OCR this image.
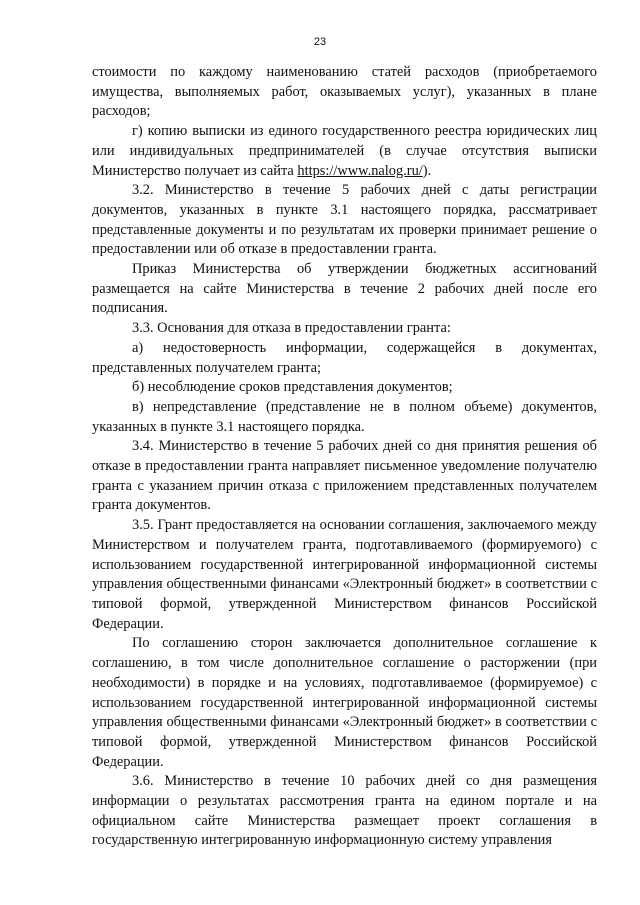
23

стоимости по каждому наименованию статей расходов (приобретаемого имущества, выполняемых работ, оказываемых услуг), указанных в плане расходов;

г) копию выписки из единого государственного реестра юридических лиц или индивидуальных предпринимателей (в случае отсутствия выписки Министерство получает из сайта https://www.nalog.ru/).

3.2. Министерство в течение 5 рабочих дней с даты регистрации документов, указанных в пункте 3.1 настоящего порядка, рассматривает представленные документы и по результатам их проверки принимает решение о предоставлении или об отказе в предоставлении гранта.

Приказ Министерства об утверждении бюджетных ассигнований размещается на сайте Министерства в течение 2 рабочих дней после его подписания.

3.3. Основания для отказа в предоставлении гранта:

а) недостоверность информации, содержащейся в документах, представленных получателем гранта;

б) несоблюдение сроков представления документов;

в) непредставление (представление не в полном объеме) документов, указанных в пункте 3.1 настоящего порядка.

3.4. Министерство в течение 5 рабочих дней со дня принятия решения об отказе в предоставлении гранта направляет письменное уведомление получателю гранта с указанием причин отказа с приложением представленных получателем гранта документов.

3.5. Грант предоставляется на основании соглашения, заключаемого между Министерством и получателем гранта, подготавливаемого (формируемого) с использованием государственной интегрированной информационной системы управления общественными финансами «Электронный бюджет» в соответствии с типовой формой, утвержденной Министерством финансов Российской Федерации.

По соглашению сторон заключается дополнительное соглашение к соглашению, в том числе дополнительное соглашение о расторжении (при необходимости) в порядке и на условиях, подготавливаемое (формируемое) с использованием государственной интегрированной информационной системы управления общественными финансами «Электронный бюджет» в соответствии с типовой формой, утвержденной Министерством финансов Российской Федерации.

3.6. Министерство в течение 10 рабочих дней со дня размещения информации о результатах рассмотрения гранта на едином портале и на официальном сайте Министерства размещает проект соглашения в государственную интегрированную информационную систему управления
